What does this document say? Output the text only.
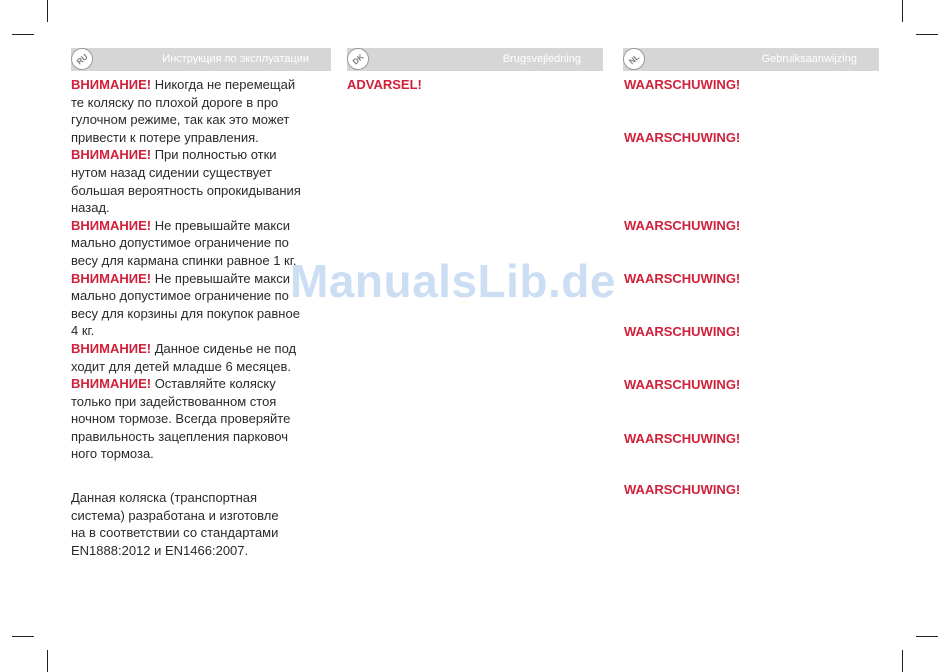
RU	Инструкция по эксплуатации	DK	Brugsvejledning	NL	Gebruiksaanwijzing

ВНИМАНИЕ! Никогда не перемещай
те коляску по плохой дороге в про
гулочном режиме, так как это может
привести к потере управления.

ВНИМАНИЕ! При полностью отки
нутом назад сидении существует
большая вероятность опрокидывания
назад.

ВНИМАНИЕ! Не превышайте макси
мально допустимое ограничение по
весу для кармана спинки равное 1 кг.

ВНИМАНИЕ! Не превышайте макси
мально допустимое ограничение по
весу для корзины для покупок равное
4 кг.

ВНИМАНИЕ! Данное сиденье не под
ходит для детей младше 6 месяцев.

ВНИМАНИЕ! Оставляйте коляску
только при задействованном стоя
ночном тормозе. Всегда проверяйте
правильность зацепления парковоч
ного тормоза.

Данная коляска (транспортная
система) разработана и изготовле
на в соответствии со стандартами
EN1888:2012 и EN1466:2007.
ADVARSEL!	WAARSCHUWING!
WAARSCHUWING!
WAARSCHUWING!
WAARSCHUWING!
WAARSCHUWING!
WAARSCHUWING!
WAARSCHUWING!
WAARSCHUWING!
ManualsLib.de
